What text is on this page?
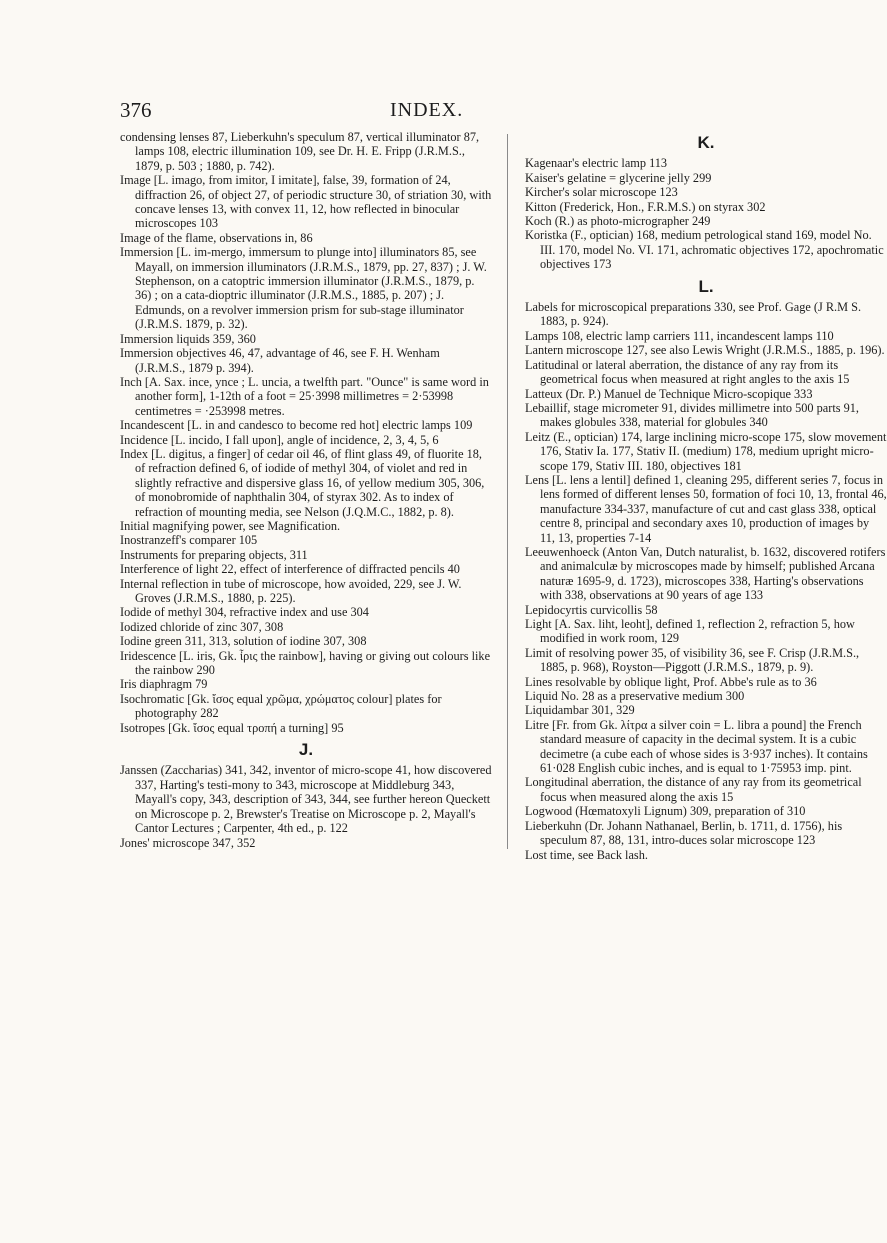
376	INDEX.

condensing lenses 87, Lieberkuhn's speculum 87, vertical illuminator 87, lamps 108, electric illumination 109, see Dr. H. E. Fripp (J.R.M.S., 1879, p. 503 ; 1880, p. 742).

Image [L. imago, from imitor, I imitate], false, 39, formation of 24, diffraction 26, of object 27, of periodic structure 30, of striation 30, with concave lenses 13, with convex 11, 12, how reflected in binocular microscopes 103

Image of the flame, observations in, 86

Immersion [L. im-mergo, immersum to plunge into] illuminators 85, see Mayall, on immersion illuminators (J.R.M.S., 1879, pp. 27, 837) ; J. W. Stephenson, on a catoptric immersion illuminator (J.R.M.S., 1879, p. 36) ; on a cata-dioptric illuminator (J.R.M.S., 1885, p. 207) ; J. Edmunds, on a revolver immersion prism for sub-stage illuminator (J.R.M.S. 1879, p. 32).

Immersion liquids 359, 360

Immersion objectives 46, 47, advantage of 46, see F. H. Wenham (J.R.M.S., 1879 p. 394).

Inch [A. Sax. ince, ynce ; L. uncia, a twelfth part. "Ounce" is same word in another form], 1-12th of a foot = 25·3998 millimetres = 2·53998 centimetres = ·253998 metres.

Incandescent [L. in and candesco to become red hot] electric lamps 109

Incidence [L. incido, I fall upon], angle of incidence, 2, 3, 4, 5, 6

Index [L. digitus, a finger] of cedar oil 46, of flint glass 49, of fluorite 18, of refraction defined 6, of iodide of methyl 304, of violet and red in slightly refractive and dispersive glass 16, of yellow medium 305, 306, of monobromide of naphthalin 304, of styrax 302. As to index of refraction of mounting media, see Nelson (J.Q.M.C., 1882, p. 8).

Initial magnifying power, see Magnification.

Inostranzeff's comparer 105

Instruments for preparing objects, 311

Interference of light 22, effect of interference of diffracted pencils 40

Internal reflection in tube of microscope, how avoided, 229, see J. W. Groves (J.R.M.S., 1880, p. 225).

Iodide of methyl 304, refractive index and use 304

Iodized chloride of zinc 307, 308

Iodine green 311, 313, solution of iodine 307, 308

Iridescence [L. iris, Gk. ἶρις the rainbow], having or giving out colours like the rainbow 290

Iris diaphragm 79

Isochromatic [Gk. ἴσος equal χρῶμα, χρώματος colour] plates for photography 282

Isotropes [Gk. ἴσος equal τροπή a turning] 95

J.

Janssen (Zaccharias) 341, 342, inventor of micro-scope 41, how discovered 337, Harting's testi-mony to 343, microscope at Middleburg 343, Mayall's copy, 343, description of 343, 344, see further hereon Queckett on Microscope p. 2, Brewster's Treatise on Microscope p. 2, Mayall's Cantor Lectures ; Carpenter, 4th ed., p. 122

Jones' microscope 347, 352

K.

Kagenaar's electric lamp 113

Kaiser's gelatine = glycerine jelly 299

Kircher's solar microscope 123

Kitton (Frederick, Hon., F.R.M.S.) on styrax 302

Koch (R.) as photo-micrographer 249

Koristka (F., optician) 168, medium petrological stand 169, model No. III. 170, model No. VI. 171, achromatic objectives 172, apochromatic objectives 173

L.

Labels for microscopical preparations 330, see Prof. Gage (J R.M S. 1883, p. 924).

Lamps 108, electric lamp carriers 111, incandescent lamps 110

Lantern microscope 127, see also Lewis Wright (J.R.M.S., 1885, p. 196).

Latitudinal or lateral aberration, the distance of any ray from its geometrical focus when measured at right angles to the axis 15

Latteux (Dr. P.) Manuel de Technique Micro-scopique 333

Lebaillif, stage micrometer 91, divides millimetre into 500 parts 91, makes globules 338, material for globules 340

Leitz (E., optician) 174, large inclining micro-scope 175, slow movement 176, Stativ Ia. 177, Stativ II. (medium) 178, medium upright micro-scope 179, Stativ III. 180, objectives 181

Lens [L. lens a lentil] defined 1, cleaning 295, different series 7, focus in lens formed of different lenses 50, formation of foci 10, 13, frontal 46, manufacture 334-337, manufacture of cut and cast glass 338, optical centre 8, principal and secondary axes 10, production of images by 11, 13, properties 7-14

Leeuwenhoeck (Anton Van, Dutch naturalist, b. 1632, discovered rotifers and animalculæ by microscopes made by himself; published Arcana naturæ 1695-9, d. 1723), microscopes 338, Harting's observations with 338, observations at 90 years of age 133

Lepidocyrtis curvicollis 58

Light [A. Sax. liht, leoht], defined 1, reflection 2, refraction 5, how modified in work room, 129

Limit of resolving power 35, of visibility 36, see F. Crisp (J.R.M.S., 1885, p. 968), Royston—Piggott (J.R.M.S., 1879, p. 9).

Lines resolvable by oblique light, Prof. Abbe's rule as to 36

Liquid No. 28 as a preservative medium 300

Liquidambar 301, 329

Litre [Fr. from Gk. λίτρα a silver coin = L. libra a pound] the French standard measure of capacity in the decimal system. It is a cubic decimetre (a cube each of whose sides is 3·937 inches). It contains 61·028 English cubic inches, and is equal to 1·75953 imp. pint.

Longitudinal aberration, the distance of any ray from its geometrical focus when measured along the axis 15

Logwood (Hœmatoxyli Lignum) 309, preparation of 310

Lieberkuhn (Dr. Johann Nathanael, Berlin, b. 1711, d. 1756), his speculum 87, 88, 131, intro-duces solar microscope 123

Lost time, see Back lash.
